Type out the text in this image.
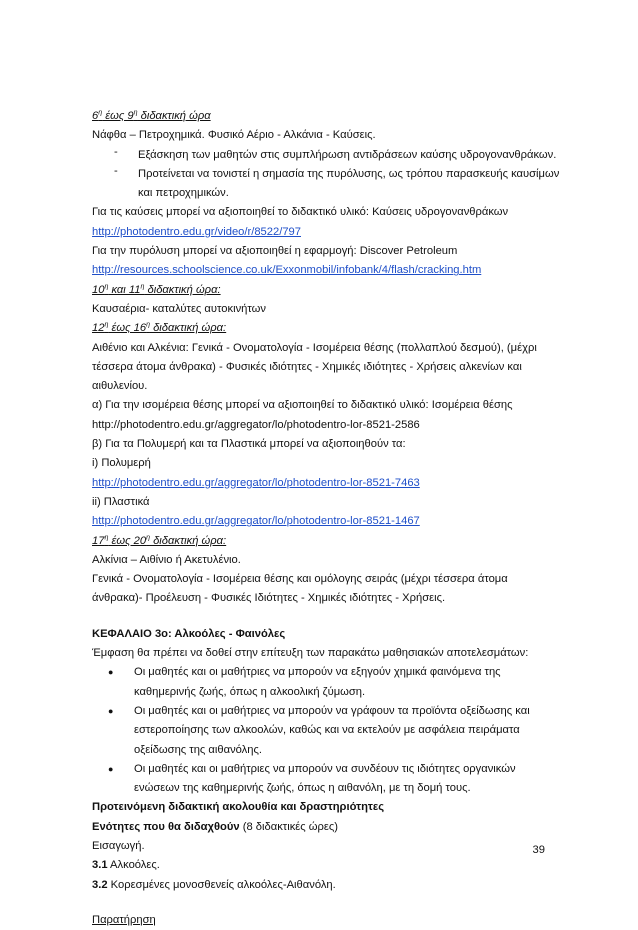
$6^\eta$ έως $9^\eta$ διδακτική ώρα
Νάφθα – Πετροχημικά. Φυσικό Αέριο - Αλκάνια - Καύσεις.
-	Εξάσκηση των μαθητών στις συμπλήρωση αντιδράσεων καύσης υδρογονανθράκων.
-	Προτείνεται να τονιστεί η σημασία της πυρόλυσης, ως τρόπου παρασκευής καυσίμων και πετροχημικών.
Για τις καύσεις μπορεί να αξιοποιηθεί το διδακτικό υλικό: Καύσεις υδρογονανθράκων
http://photodentro.edu.gr/video/r/8522/797
Για την πυρόλυση μπορεί να αξιοποιηθεί η εφαρμογή: Discover Petroleum
http://resources.schoolscience.co.uk/Exxonmobil/infobank/4/flash/cracking.htm
$10^\eta$ και $11^\eta$ διδακτική ώρα:
Καυσαέρια- καταλύτες αυτοκινήτων
$12^\eta$ έως $16^\eta$ διδακτική ώρα:
Αιθένιο και Αλκένια: Γενικά - Ονοματολογία - Ισομέρεια θέσης (πολλαπλού δεσμού), (μέχρι τέσσερα άτομα άνθρακα) - Φυσικές ιδιότητες - Χημικές ιδιότητες - Χρήσεις αλκενίων και αιθυλενίου.
α) Για την ισομέρεια θέσης μπορεί να αξιοποιηθεί το διδακτικό υλικό: Ισομέρεια θέσης
http://photodentro.edu.gr/aggregator/lo/photodentro-lor-8521-2586
β) Για τα Πολυμερή και τα Πλαστικά μπορεί να αξιοποιηθούν τα:
i) Πολυμερή
http://photodentro.edu.gr/aggregator/lo/photodentro-lor-8521-7463
ii) Πλαστικά
http://photodentro.edu.gr/aggregator/lo/photodentro-lor-8521-1467
$17^\eta$ έως $20^\eta$ διδακτική ώρα:
Αλκίνια – Αιθίνιο ή Ακετυλένιο.
Γενικά - Ονοματολογία - Ισομέρεια θέσης και ομόλογης σειράς (μέχρι τέσσερα άτομα άνθρακα)- Προέλευση - Φυσικές Ιδιότητες - Χημικές ιδιότητες - Χρήσεις.
ΚΕΦΑΛΑΙΟ 3ο: Αλκοόλες - Φαινόλες
Έμφαση θα πρέπει να δοθεί στην επίτευξη των παρακάτω μαθησιακών αποτελεσμάτων:
●	Οι μαθητές και οι μαθήτριες να μπορούν να εξηγούν χημικά φαινόμενα της καθημερινής ζωής, όπως η αλκοολική ζύμωση.
●	Οι μαθητές και οι μαθήτριες να μπορούν να γράφουν τα προϊόντα οξείδωσης και εστεροποίησης των αλκοολών, καθώς και να εκτελούν με ασφάλεια πειράματα οξείδωσης της αιθανόλης.
●	Οι μαθητές και οι μαθήτριες να μπορούν να συνδέουν τις ιδιότητες οργανικών ενώσεων της καθημερινής ζωής, όπως η αιθανόλη, με τη δομή τους.
Προτεινόμενη διδακτική ακολουθία και δραστηριότητες
Ενότητες που θα διδαχθούν (8 διδακτικές ώρες)
Εισαγωγή.
3.1 Αλκοόλες.
3.2 Κορεσμένες μονοσθενείς αλκοόλες-Αιθανόλη.
Παρατήρηση
39
